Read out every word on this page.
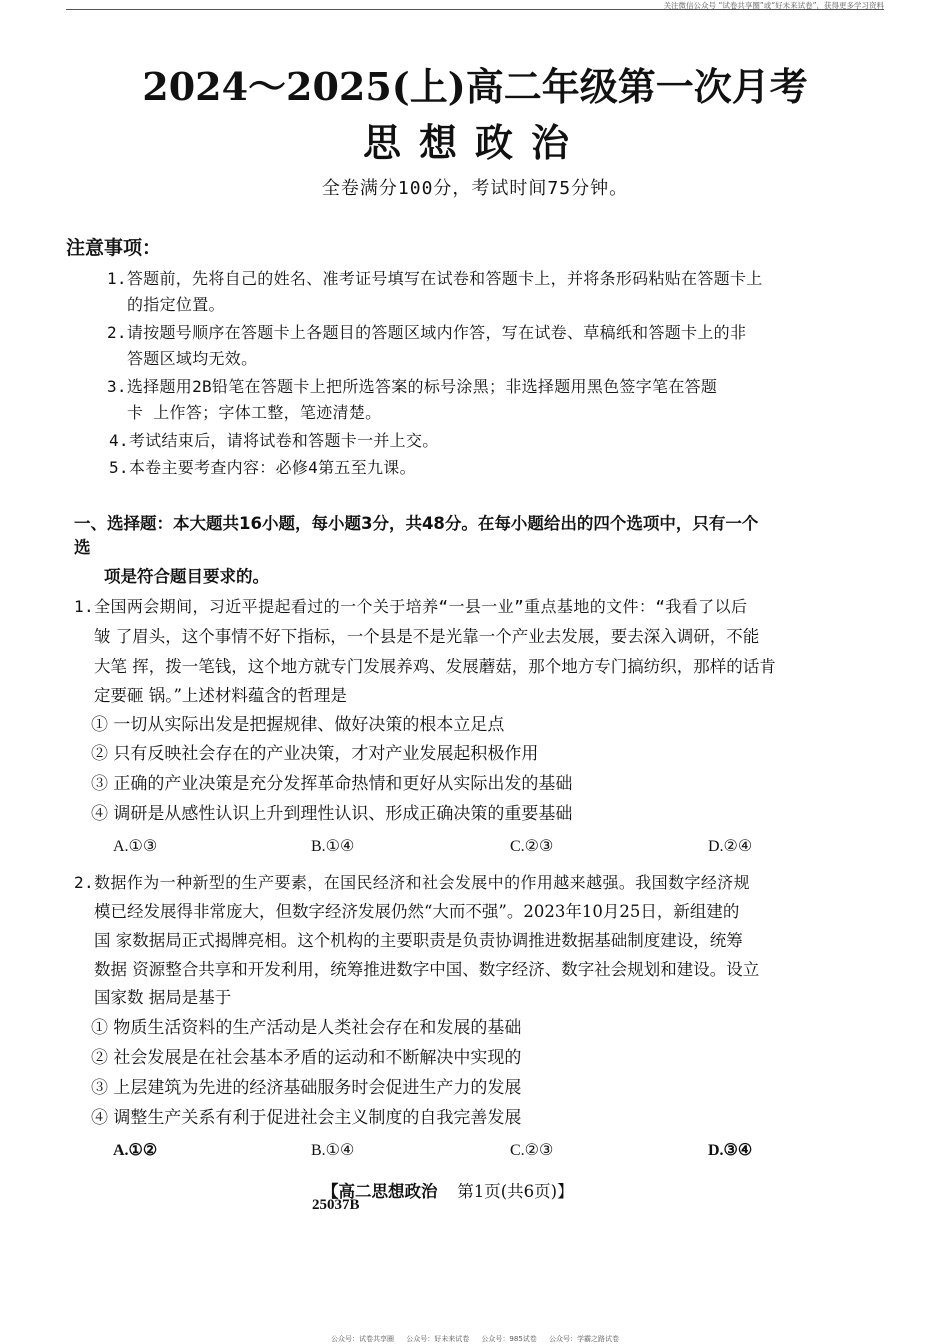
关注微信公众号 “试卷共享圈”或“好未来试卷”，获得更多学习资料
2024～2025(上)高二年级第一次月考
思想政治
全卷满分100分，考试时间75分钟。
注意事项：
1.答题前，先将自己的姓名、准考证号填写在试卷和答题卡上，并将条形码粘贴在答题卡上
的指定位置。
2.请按题号顺序在答题卡上各题目的答题区域内作答，写在试卷、草稿纸和答题卡上的非
答题区域均无效。
3.选择题用2B铅笔在答题卡上把所选答案的标号涂黑；非选择题用黑色签字笔在答题
卡 上作答；字体工整，笔迹清楚。
4.考试结束后，请将试卷和答题卡一并上交。
5.本卷主要考查内容：必修4第五至九课。
一、选择题：本大题共16小题，每小题3分，共48分。在每小题给出的四个选项中，只有一个
选
项是符合题目要求的。
1.全国两会期间，习近平提起看过的一个关于培养“一县一业”重点基地的文件：“我看了以后
皱 了眉头，这个事情不好下指标，一个县是不是光靠一个产业去发展，要去深入调研，不能
大笔 挥，拨一笔钱，这个地方就专门发展养鸡、发展蘑菇，那个地方专门搞纺织，那样的话肯
定要砸 锅。”上述材料蕴含的哲理是
① 一切从实际出发是把握规律、做好决策的根本立足点
② 只有反映社会存在的产业决策，才对产业发展起积极作用
③ 正确的产业决策是充分发挥革命热情和更好从实际出发的基础
④ 调研是从感性认识上升到理性认识、形成正确决策的重要基础
A.①③	B.①④	C.②③	D.②④
2.数据作为一种新型的生产要素，在国民经济和社会发展中的作用越来越强。我国数字经济规
模已经发展得非常庞大，但数字经济发展仍然“大而不强”。2023年10月25日，新组建的
国 家数据局正式揭牌亮相。这个机构的主要职责是负责协调推进数据基础制度建设，统筹
数据 资源整合共享和开发利用，统筹推进数字中国、数字经济、数字社会规划和建设。设立
国家数 据局是基于
① 物质生活资料的生产活动是人类社会存在和发展的基础
② 社会发展是在社会基本矛盾的运动和不断解决中实现的
③ 上层建筑为先进的经济基础服务时会促进生产力的发展
④ 调整生产关系有利于促进社会主义制度的自我完善发展
A.①②	B.①④	C.②③	D.③④
【高二思想政治 第1页(共6页)】
25037B
公众号：试卷共享圈 公众号：好未来试卷 公众号：985试卷 公众号：学霸之路试卷
